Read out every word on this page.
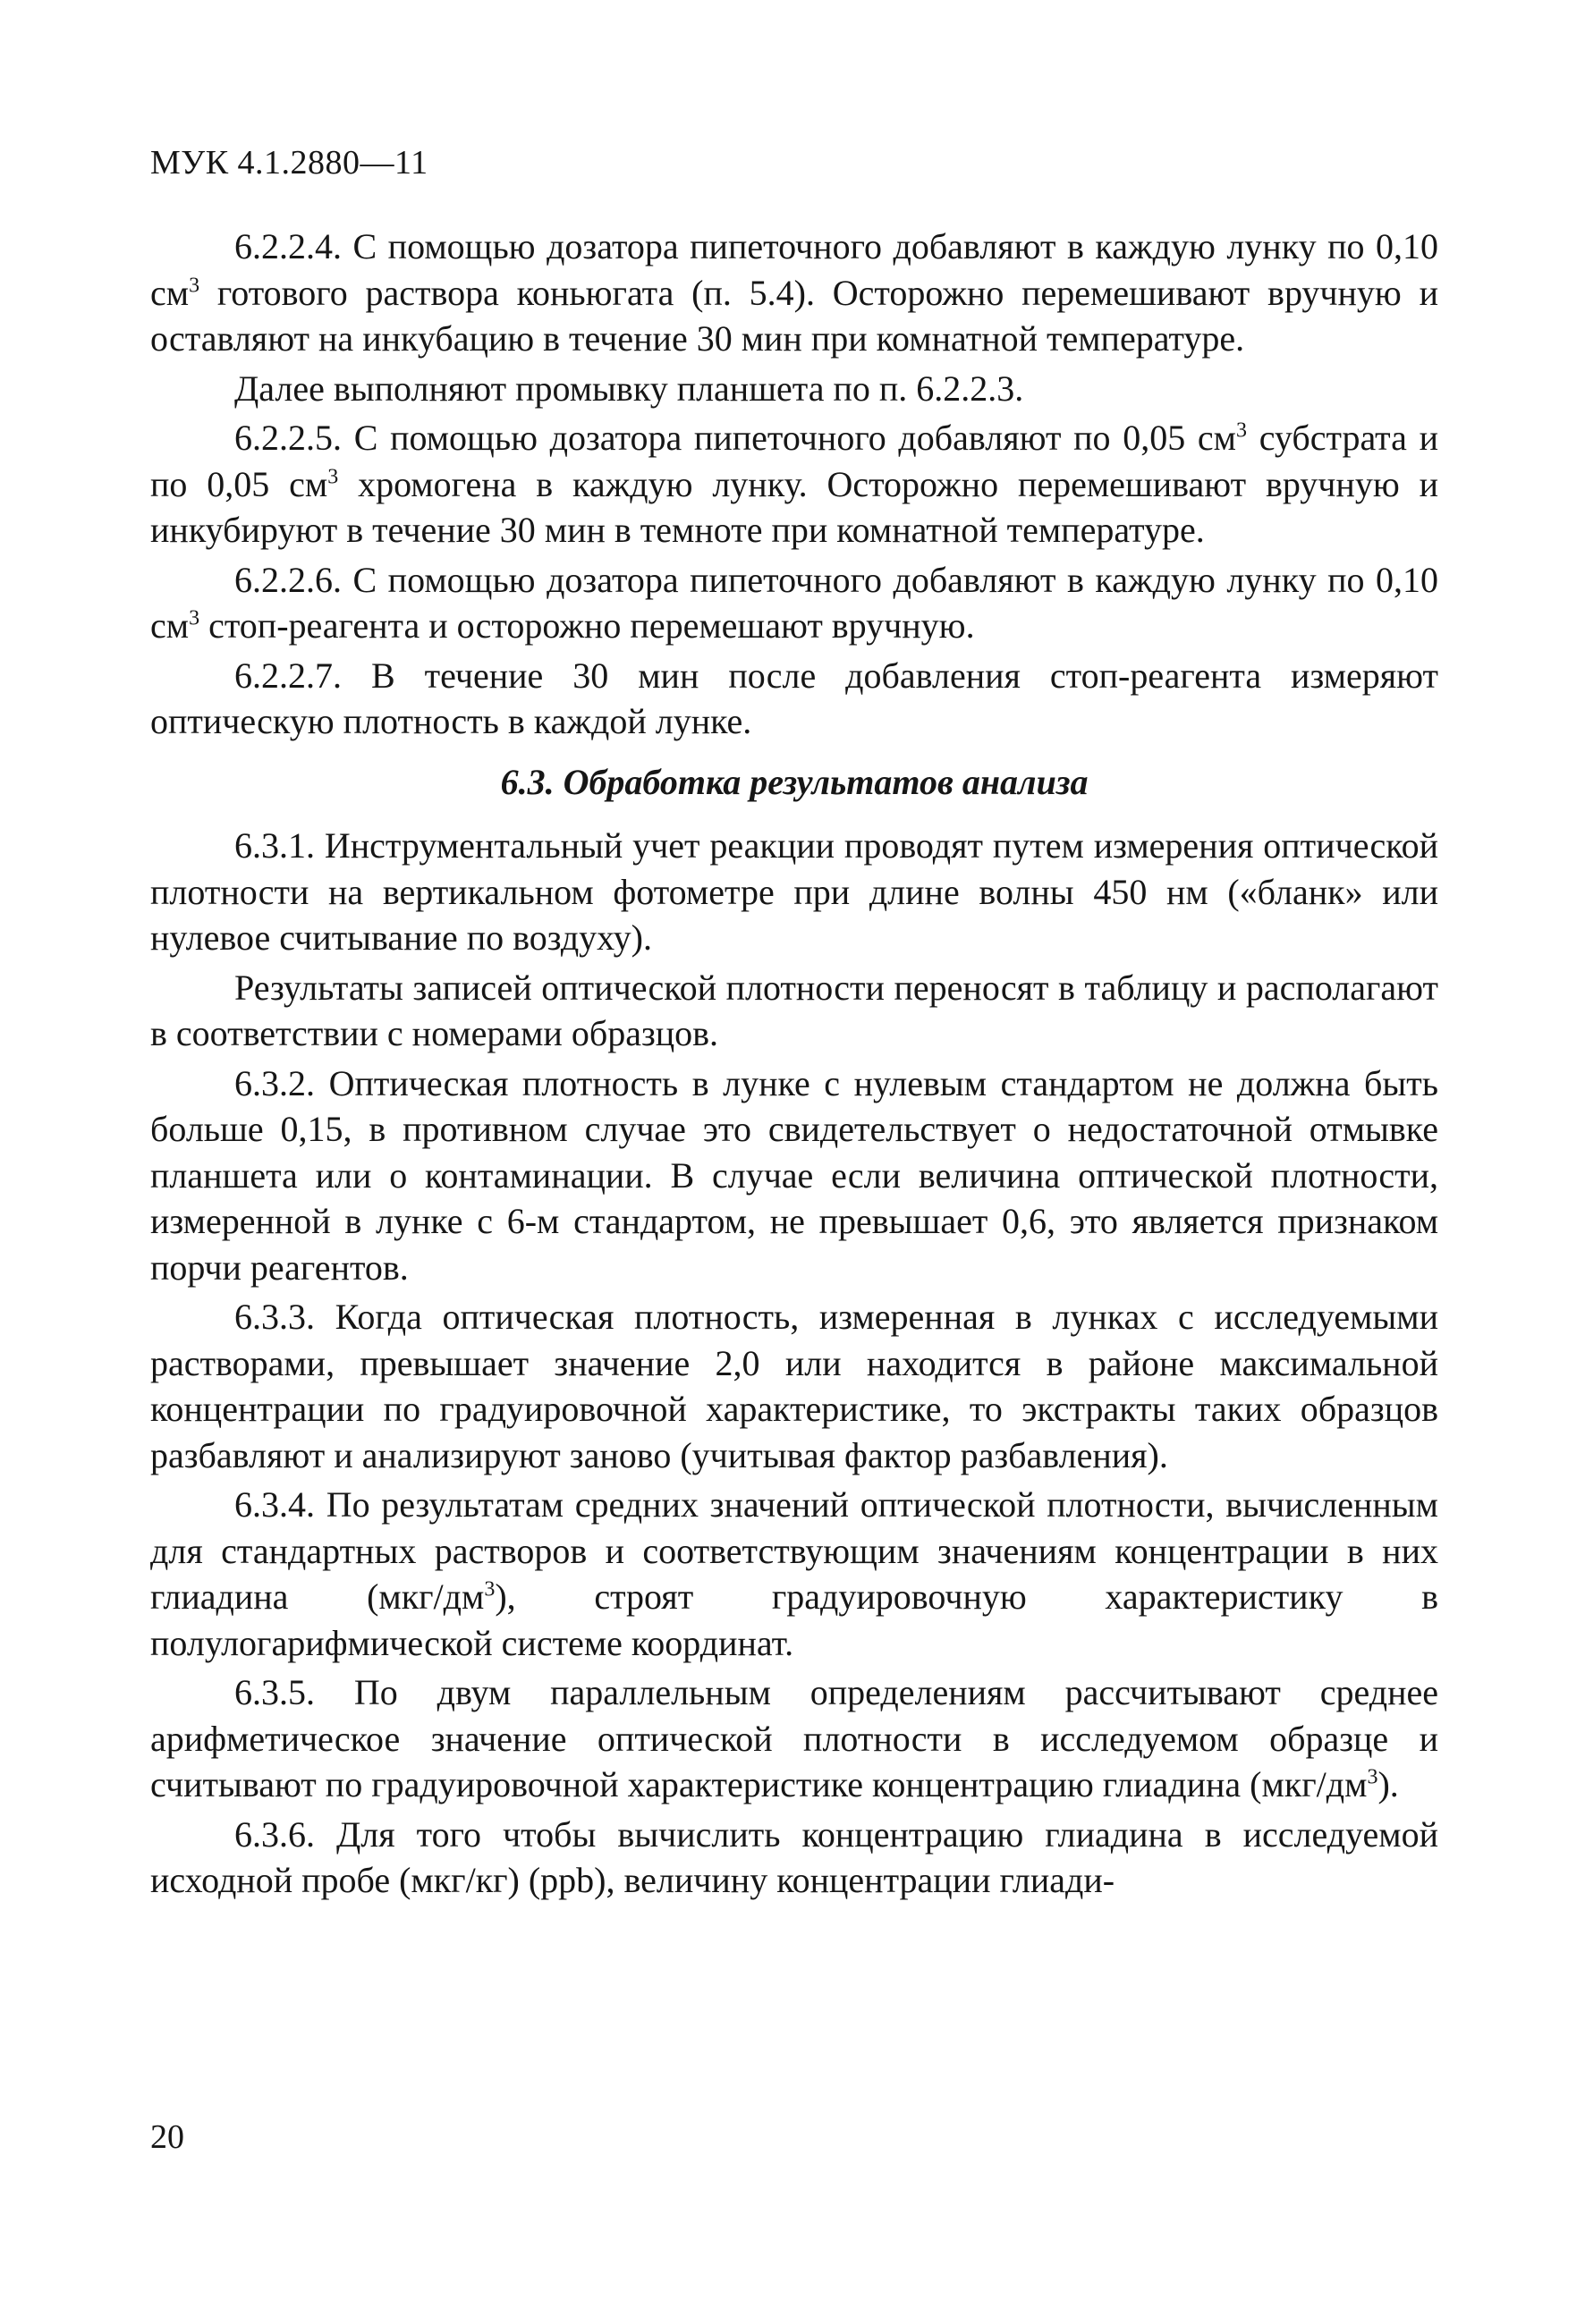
МУК 4.1.2880—11

6.2.2.4. С помощью дозатора пипеточного добавляют в каждую лунку по 0,10 $см^3$ готового раствора коньюгата (п. 5.4). Осторожно перемешивают вручную и оставляют на инкубацию в течение 30 мин при комнатной температуре.

Далее выполняют промывку планшета по п. 6.2.2.3.

6.2.2.5. С помощью дозатора пипеточного добавляют по 0,05 $см^3$ субстрата и по 0,05 $см^3$ хромогена в каждую лунку. Осторожно перемешивают вручную и инкубируют в течение 30 мин в темноте при комнатной температуре.

6.2.2.6. С помощью дозатора пипеточного добавляют в каждую лунку по 0,10 $см^3$ стоп-реагента и осторожно перемешают вручную.

6.2.2.7. В течение 30 мин после добавления стоп-реагента измеряют оптическую плотность в каждой лунке.

6.3. Обработка результатов анализа

6.3.1. Инструментальный учет реакции проводят путем измерения оптической плотности на вертикальном фотометре при длине волны 450 нм («бланк» или нулевое считывание по воздуху).

Результаты записей оптической плотности переносят в таблицу и располагают в соответствии с номерами образцов.

6.3.2. Оптическая плотность в лунке с нулевым стандартом не должна быть больше 0,15, в противном случае это свидетельствует о недостаточной отмывке планшета или о контаминации. В случае если величина оптической плотности, измеренной в лунке с 6-м стандартом, не превышает 0,6, это является признаком порчи реагентов.

6.3.3. Когда оптическая плотность, измеренная в лунках с исследуемыми растворами, превышает значение 2,0 или находится в районе максимальной концентрации по градуировочной характеристике, то экстракты таких образцов разбавляют и анализируют заново (учитывая фактор разбавления).

6.3.4. По результатам средних значений оптической плотности, вычисленным для стандартных растворов и соответствующим значениям концентрации в них глиадина $(мкг/дм^3)$, строят градуировочную характеристику в полулогарифмической системе координат.

6.3.5. По двум параллельным определениям рассчитывают среднее арифметическое значение оптической плотности в исследуемом образце и считывают по градуировочной характеристике концентрацию глиадина $(мкг/дм^3)$.

6.3.6. Для того чтобы вычислить концентрацию глиадина в исследуемой исходной пробе (мкг/кг) (ppb), величину концентрации глиади-

20
